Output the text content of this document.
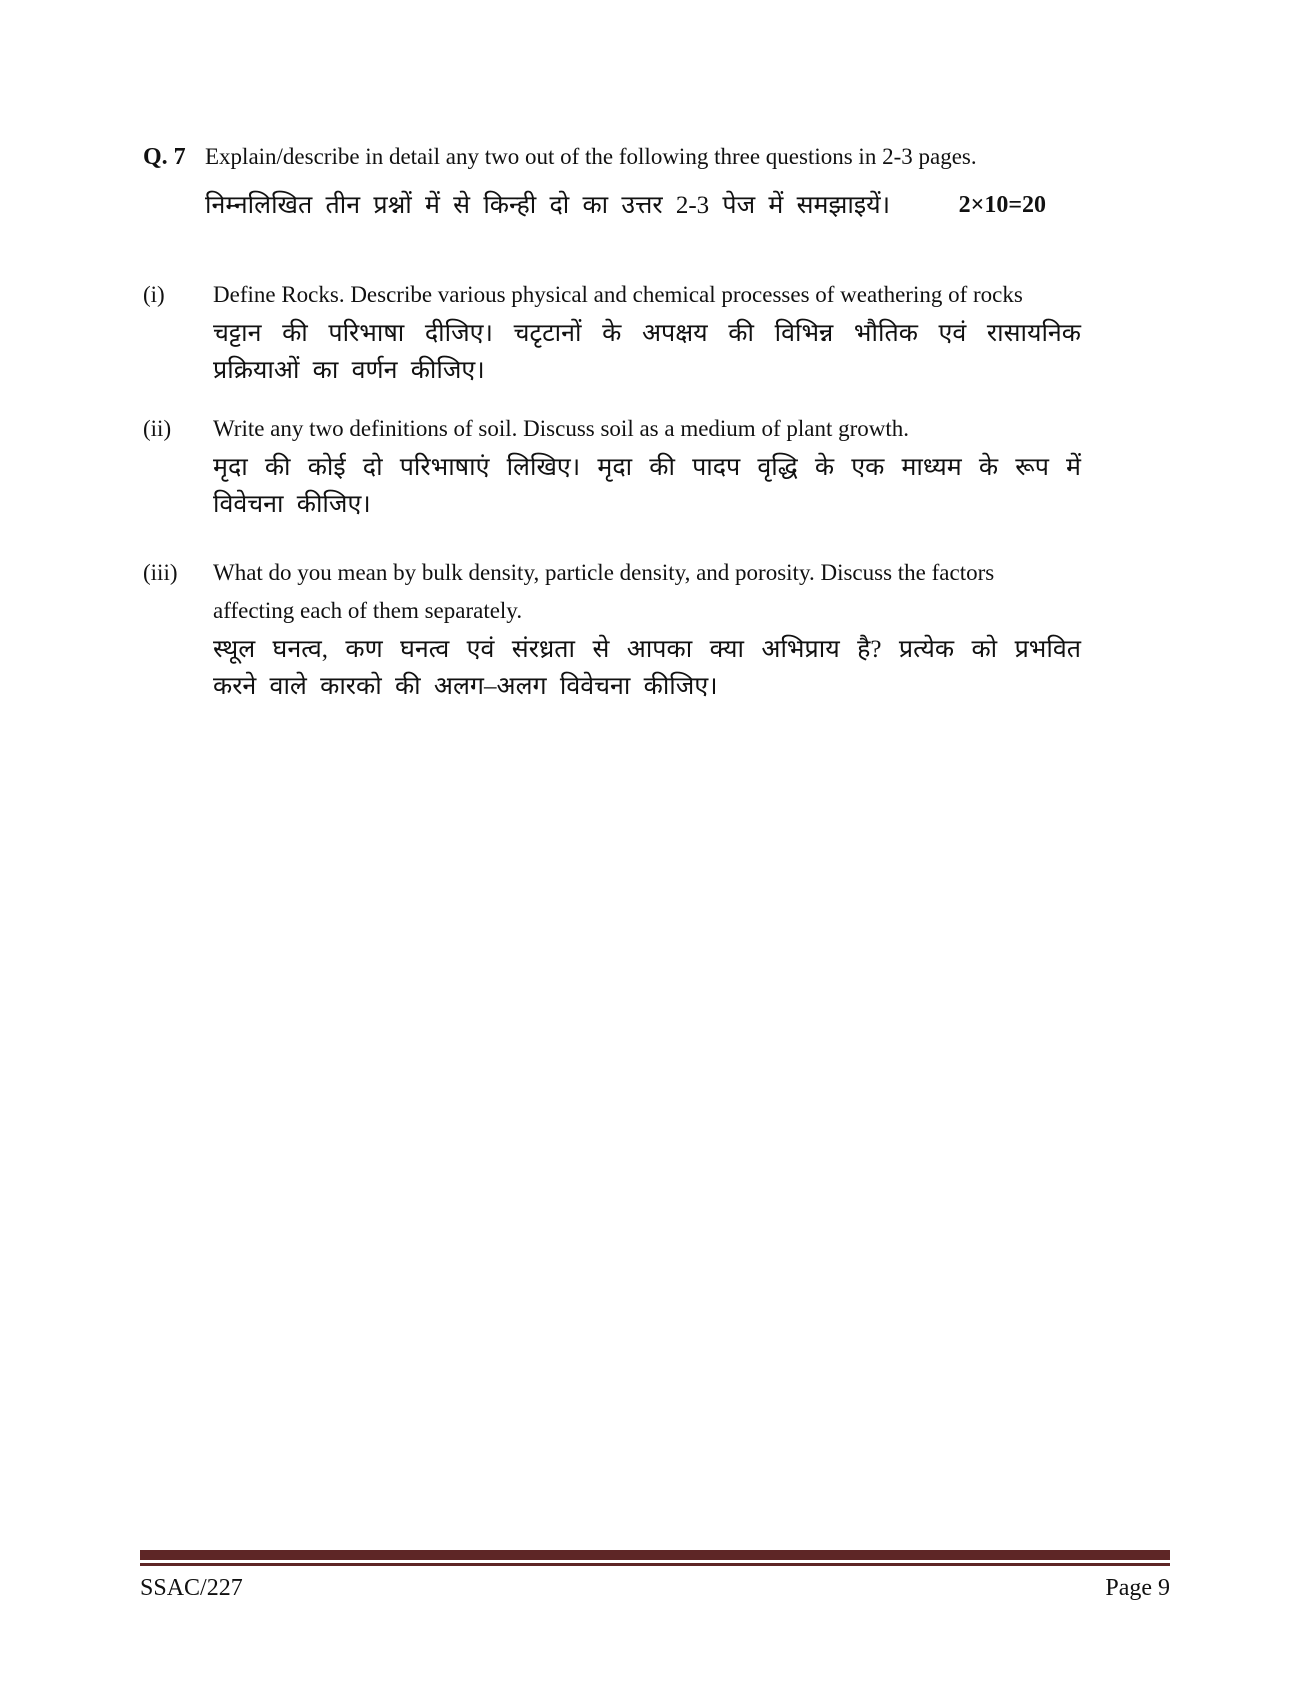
Q. 7 Explain/describe in detail any two out of the following three questions in 2-3 pages.
निम्नलिखित तीन प्रश्नों में से किन्ही दो का उत्तर 2-3 पेज में समझाइयें।	2×10=20
(i)	Define Rocks. Describe various physical and chemical processes of weathering of rocks
चट्टान की परिभाषा दीजिए। चटृटानों के अपक्षय की विभिन्न भौतिक एवं रासायनिक प्रक्रियाओं का वर्णन कीजिए।
(ii)	Write any two definitions of soil. Discuss soil as a medium of plant growth.
मृदा की कोई दो परिभाषाएं लिखिए। मृदा की पादप वृद्धि के एक माध्यम के रूप में विवेचना कीजिए।
(iii)	What do you mean by bulk density, particle density, and porosity. Discuss the factors affecting each of them separately.
स्थूल घनत्व, कण घनत्व एवं संरध्रता से आपका क्या अभिप्राय है? प्रत्येक को प्रभवित करने वाले कारको की अलग–अलग विवेचना कीजिए।
SSAC/227	Page 9
